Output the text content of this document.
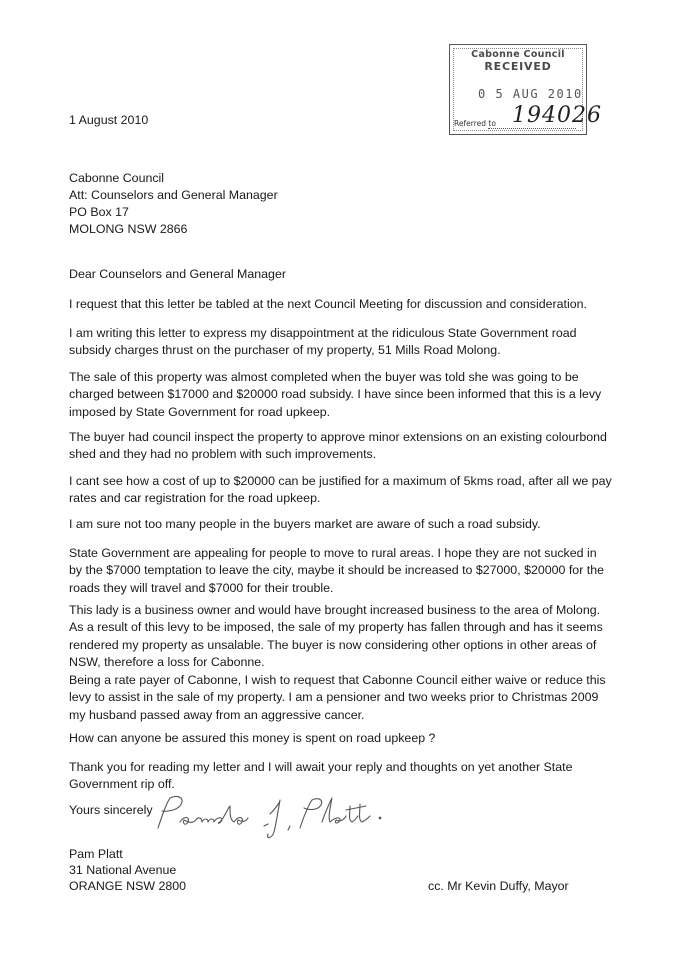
Cabonne Council
RECEIVED
0 5 AUG 2010
Referred to 194026
1 August 2010
Cabonne Council
Att: Counselors and General Manager
PO Box 17
MOLONG NSW 2866
Dear Counselors and General Manager
I request that this letter be tabled at the next Council Meeting for discussion and consideration.
I am writing this letter to express my disappointment at the ridiculous State Government road
subsidy charges thrust on the purchaser of my property, 51 Mills Road Molong.
The sale of this property was almost completed when the buyer was told she was going to be
charged between $17000 and $20000 road subsidy. I have since been informed that this is a levy
imposed by State Government for road upkeep.
The buyer had council inspect the property to approve minor extensions on an existing colourbond
shed and they had no problem with such improvements.
I cant see how a cost of up to $20000 can be justified for a maximum of 5kms road, after all we pay
rates and car registration for the road upkeep.
I am sure not too many people in the buyers market are aware of such a road subsidy.
State Government are appealing for people to move to rural areas. I hope they are not sucked in
by the $7000 temptation to leave the city, maybe it should be increased to $27000, $20000 for the
roads they will travel and $7000 for their trouble.
This lady is a business owner and would have brought increased business to the area of Molong.
As a result of this levy to be imposed, the sale of my property has fallen through and has it seems
rendered my property as unsalable. The buyer is now considering other options in other areas of
NSW, therefore a loss for Cabonne.
Being a rate payer of Cabonne, I wish to request that Cabonne Council either waive or reduce this
levy to assist in the sale of my property. I am a pensioner and two weeks prior to Christmas 2009
my husband passed away from an aggressive cancer.
How can anyone be assured this money is spent on road upkeep ?
Thank you for reading my letter and I will await your reply and thoughts on yet another State
Government rip off.
Yours sincerely
Pam Platt
31 National Avenue
ORANGE NSW 2800	cc. Mr Kevin Duffy, Mayor
